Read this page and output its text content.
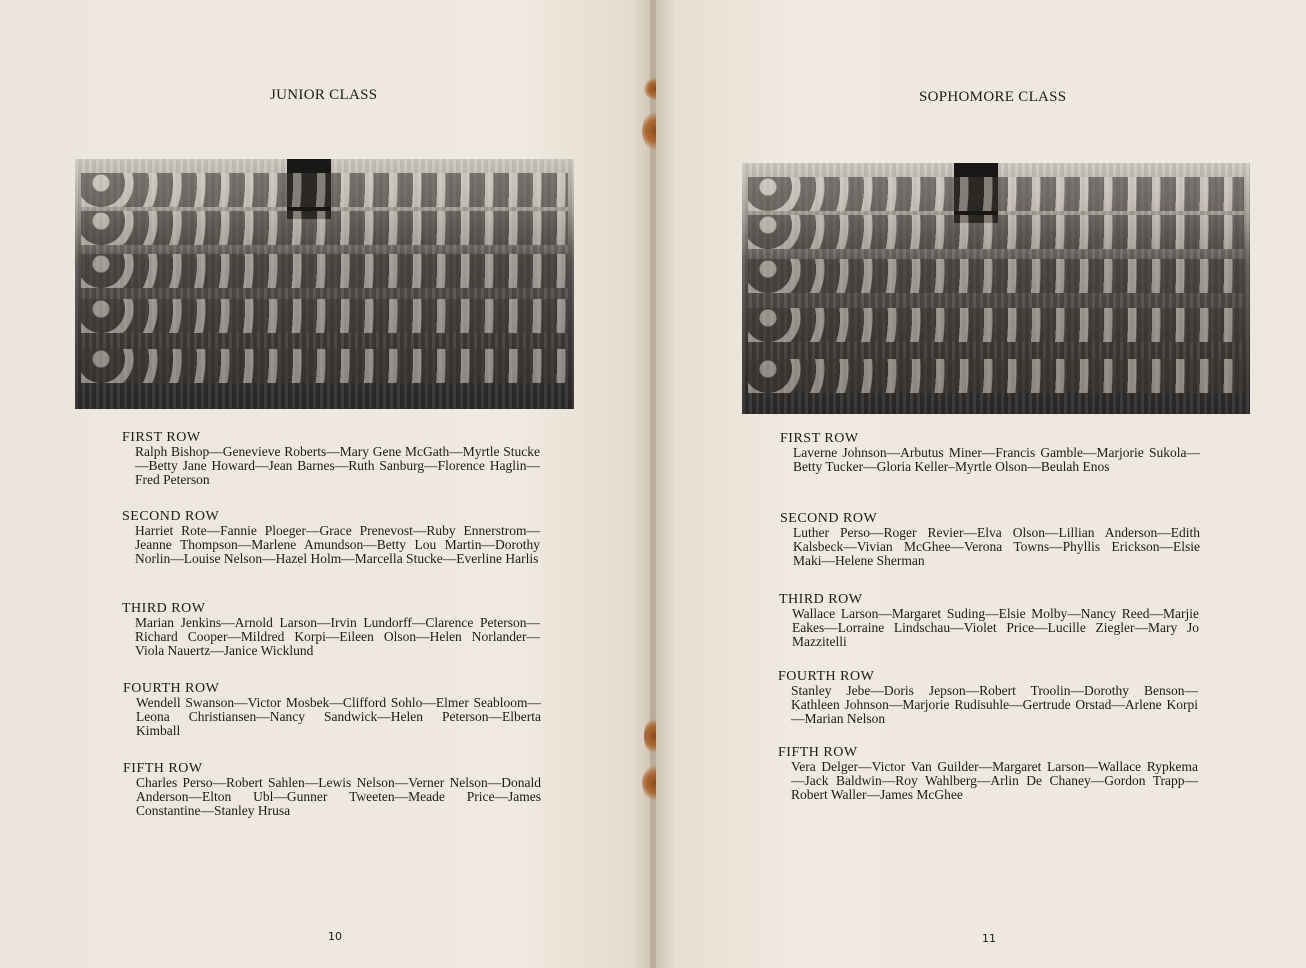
JUNIOR CLASS
FIRST ROW
Ralph Bishop—Genevieve Roberts—Mary Gene McGath—Myrtle Stucke—Betty Jane Howard—Jean Barnes—Ruth Sanburg—Florence Haglin—Fred Peterson
SECOND ROW
Harriet Rote—Fannie Ploeger—Grace Prenevost—Ruby Ennerstrom—Jeanne Thompson—Marlene Amundson—Betty Lou Martin—Dorothy Norlin—Louise Nelson—Hazel Holm—Marcella Stucke—Everline Harlis
THIRD ROW
Marian Jenkins—Arnold Larson—Irvin Lundorff—Clarence Peterson—Richard Cooper—Mildred Korpi—Eileen Olson—Helen Norlander—Viola Nauertz—Janice Wicklund
FOURTH ROW
Wendell Swanson—Victor Mosbek—Clifford Sohlo—Elmer Seabloom—Leona Christiansen—Nancy Sandwick—Helen Peterson—Elberta Kimball
FIFTH ROW
Charles Perso—Robert Sahlen—Lewis Nelson—Verner Nelson—Donald Anderson—Elton Ubl—Gunner Tweeten—Meade Price—James Constantine—Stanley Hrusa
10
SOPHOMORE CLASS
FIRST ROW
Laverne Johnson—Arbutus Miner—Francis Gamble—Marjorie Sukola—Betty Tucker—Gloria Keller–Myrtle Olson—Beulah Enos
SECOND ROW
Luther Perso—Roger Revier—Elva Olson—Lillian Anderson—Edith Kalsbeck—Vivian McGhee—Verona Towns—Phyllis Erickson—Elsie Maki—Helene Sherman
THIRD ROW
Wallace Larson—Margaret Suding—Elsie Molby—Nancy Reed—Marjie Eakes—Lorraine Lindschau—Violet Price—Lucille Ziegler—Mary Jo Mazzitelli
FOURTH ROW
Stanley Jebe—Doris Jepson—Robert Troolin—Dorothy Benson—Kathleen Johnson—Marjorie Rudisuhle—Gertrude Orstad—Arlene Korpi—Marian Nelson
FIFTH ROW
Vera Delger—Victor Van Guilder—Margaret Larson—Wallace Rypkema—Jack Baldwin—Roy Wahlberg—Arlin De Chaney—Gordon Trapp—Robert Waller—James McGhee
11
